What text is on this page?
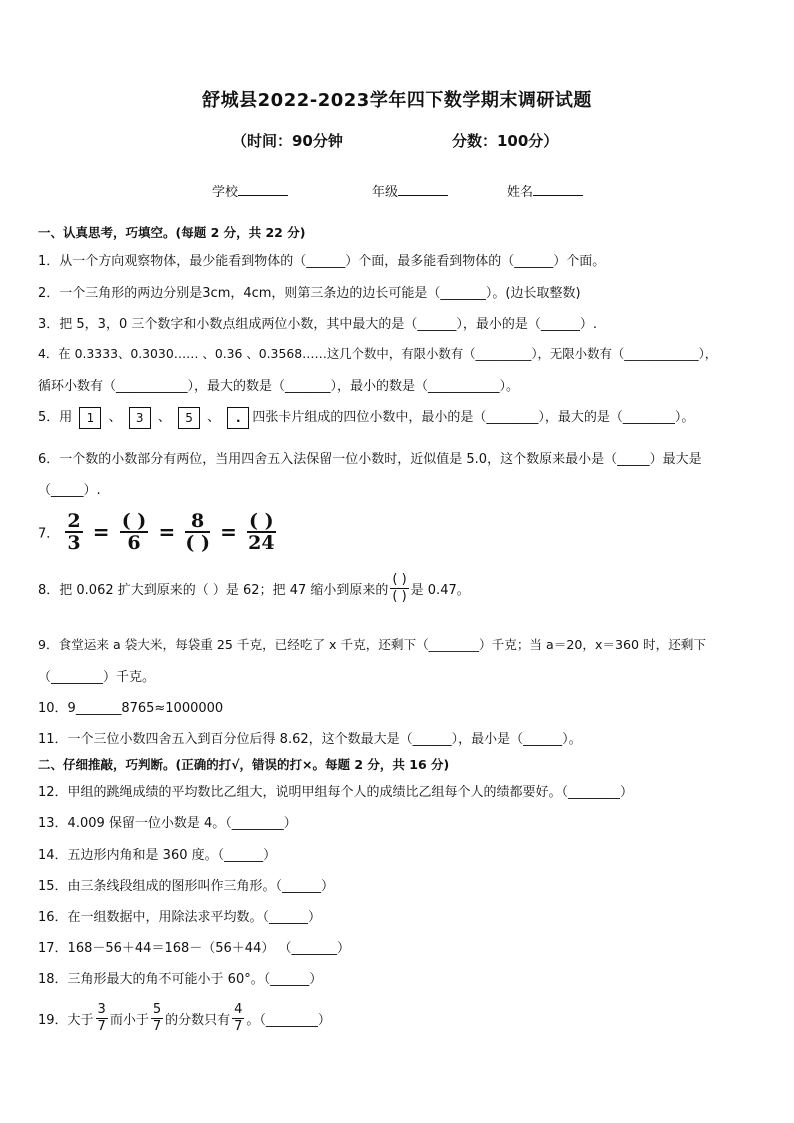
舒城县2022-2023学年四下数学期末调研试题
（时间：90分钟	分数：100分）
学校	年级	姓名
一、认真思考，巧填空。(每题 2 分，共 22 分)
1．从一个方向观察物体，最少能看到物体的（______）个面，最多能看到物体的（______）个面。
2．一个三角形的两边分别是3cm，4cm，则第三条边的边长可能是（_______）。(边长取整数)
3．把 5，3，0 三个数字和小数点组成两位小数，其中最大的是（______），最小的是（______）.
4．在 0.3333、0.3030…… 、0.36 、0.3568……这几个数中，有限小数有（_________），无限小数有（____________），
循环小数有（___________），最大的数是（_______），最小的数是（___________）。
5．用 1 、 3 、 5 、 . 四张卡片组成的四位小数中，最小的是（________），最大的是（________）。
6．一个数的小数部分有两位，当用四舍五入法保留一位小数时，近似值是 5.0，这个数原来最小是（_____）最大是
（_____）.
7． $\frac{2}{3} = \frac{( )}{6} = \frac{8}{( )} = \frac{( )}{24}$
8．把 0.062 扩大到原来的（ ）是 62；把 47 缩小到原来的 $\frac{( )}{( )}$ 是 0.47。
9．食堂运来 a 袋大米，每袋重 25 千克，已经吃了 x 千克，还剩下（________）千克；当 a＝20，x＝360 时，还剩下
（________）千克。
10．9_______8765≈1000000
11．一个三位小数四舍五入到百分位后得 8.62，这个数最大是（______），最小是（______）。
二、仔细推敲，巧判断。(正确的打√，错误的打×。每题 2 分，共 16 分)
12．甲组的跳绳成绩的平均数比乙组大，说明甲组每个人的成绩比乙组每个人的绩都要好。（________）
13．4.009 保留一位小数是 4。（________）
14．五边形内角和是 360 度。（______）
15．由三条线段组成的图形叫作三角形。（______）
16．在一组数据中，用除法求平均数。（______）
17．168－56＋44＝168－（56＋44） （_______）
18．三角形最大的角不可能小于 60°。（______）
19．大于 $\frac{3}{7}$ 而小于 $\frac{5}{7}$ 的分数只有 $\frac{4}{7}$ 。（________）
